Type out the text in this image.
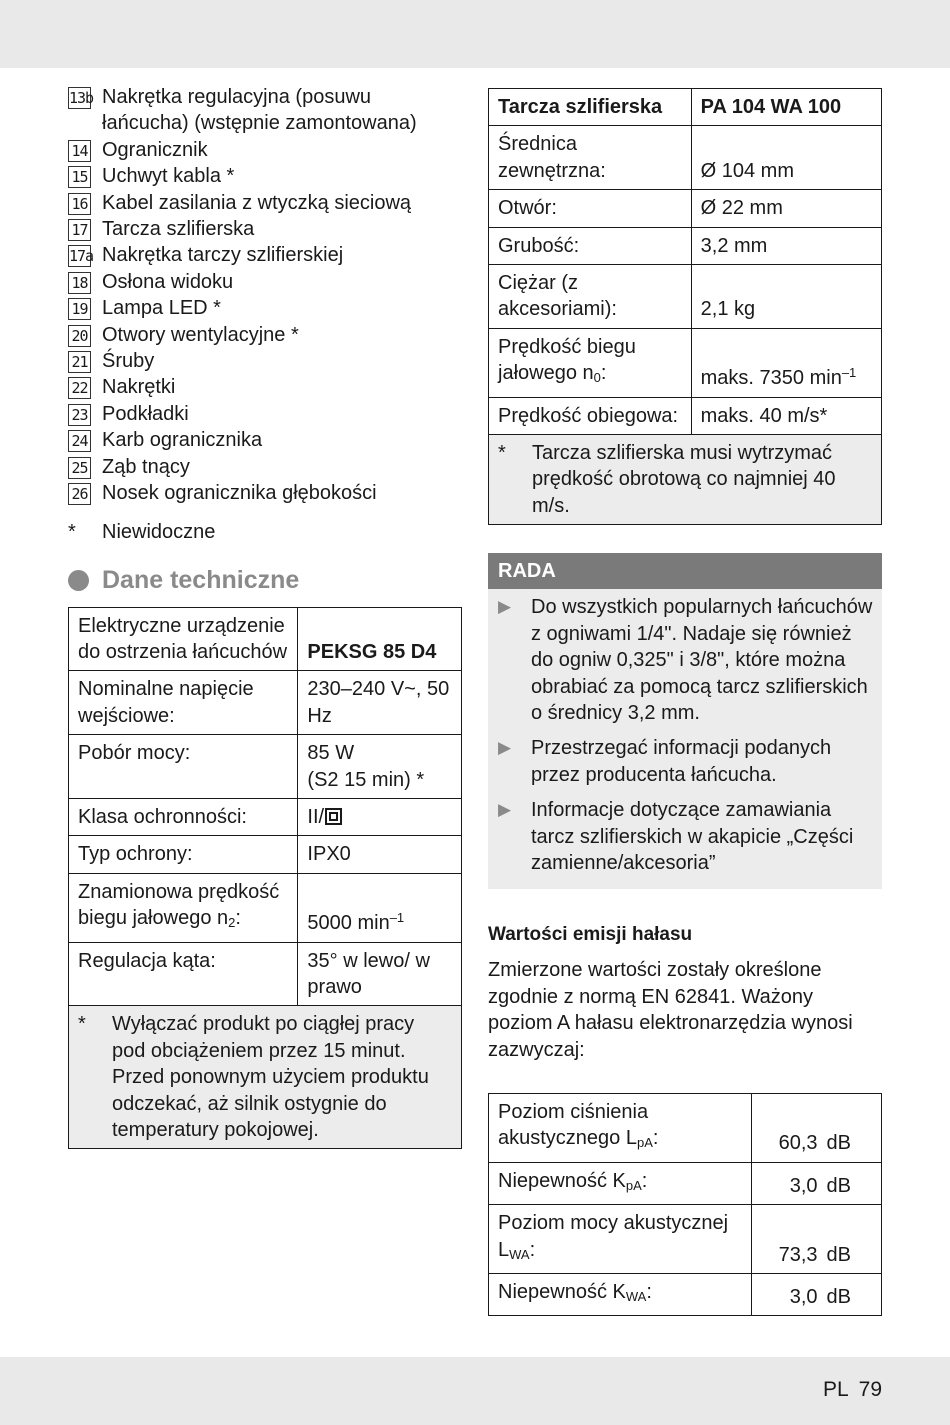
13b Nakrętka regulacyjna (posuwu łańcucha) (wstępnie zamontowana)
14 Ogranicznik
15 Uchwyt kabla *
16 Kabel zasilania z wtyczką sieciową
17 Tarcza szlifierska
17a Nakrętka tarczy szlifierskiej
18 Osłona widoku
19 Lampa LED *
20 Otwory wentylacyjne *
21 Śruby
22 Nakrętki
23 Podkładki
24 Karb ogranicznika
25 Ząb tnący
26 Nosek ogranicznika głębokości
*	Niewidoczne
Dane techniczne
Elektryczne urządzenie do ostrzenia łańcuchów	PEKSG 85 D4
Nominalne napięcie wejściowe:	230–240 V~, 50 Hz
Pobór mocy:	85 W
(S2 15 min) *

Klasa ochronności:	II/
Typ ochrony:	IPX0
Znamionowa prędkość biegu jałowego $n_2$:	5000 $\min^{-1}$
Regulacja kąta:	35° w lewo/ w prawo

* Wyłączać produkt po ciągłej pracy pod obciążeniem przez 15 minut. Przed ponownym użyciem produktu odczekać, aż silnik ostygnie do temperatury pokojowej.	
Tarcza szlifierska	PA 104 WA 100
Średnica zewnętrzna:	Ø 104 mm
Otwór:	Ø 22 mm
Grubość:	3,2 mm
Ciężar (z akcesoriami):	2,1 kg
Prędkość biegu jałowego $n_0$:	maks. 7350 $\min^{-1}$
Prędkość obiegowa:	maks. 40 m/s*

* Tarcza szlifierska musi wytrzymać prędkość obrotową co najmniej 40 m/s.	
RADA
▶ Do wszystkich popularnych łańcuchów z ogniwami 1/4". Nadaje się również do ogniw 0,325" i 3/8", które można obrabiać za pomocą tarcz szlifierskich o średnicy 3,2 mm.
▶ Przestrzegać informacji podanych przez producenta łańcucha.
▶ Informacje dotyczące zamawiania tarcz szlifierskich w akapicie „Części zamienne/akcesoria”
Wartości emisji hałasu
Zmierzone wartości zostały określone zgodnie z normą EN 62841. Ważony poziom A hałasu elektronarzędzia wynosi zazwyczaj:
Poziom ciśnienia akustycznego $L_{pA}$:	60,3 dB
Niepewność $K_{pA}$:	3,0 dB
Poziom mocy akustycznej $L_{WA}$:	73,3 dB
Niepewność $K_{WA}$:	3,0 dB
PL 79
